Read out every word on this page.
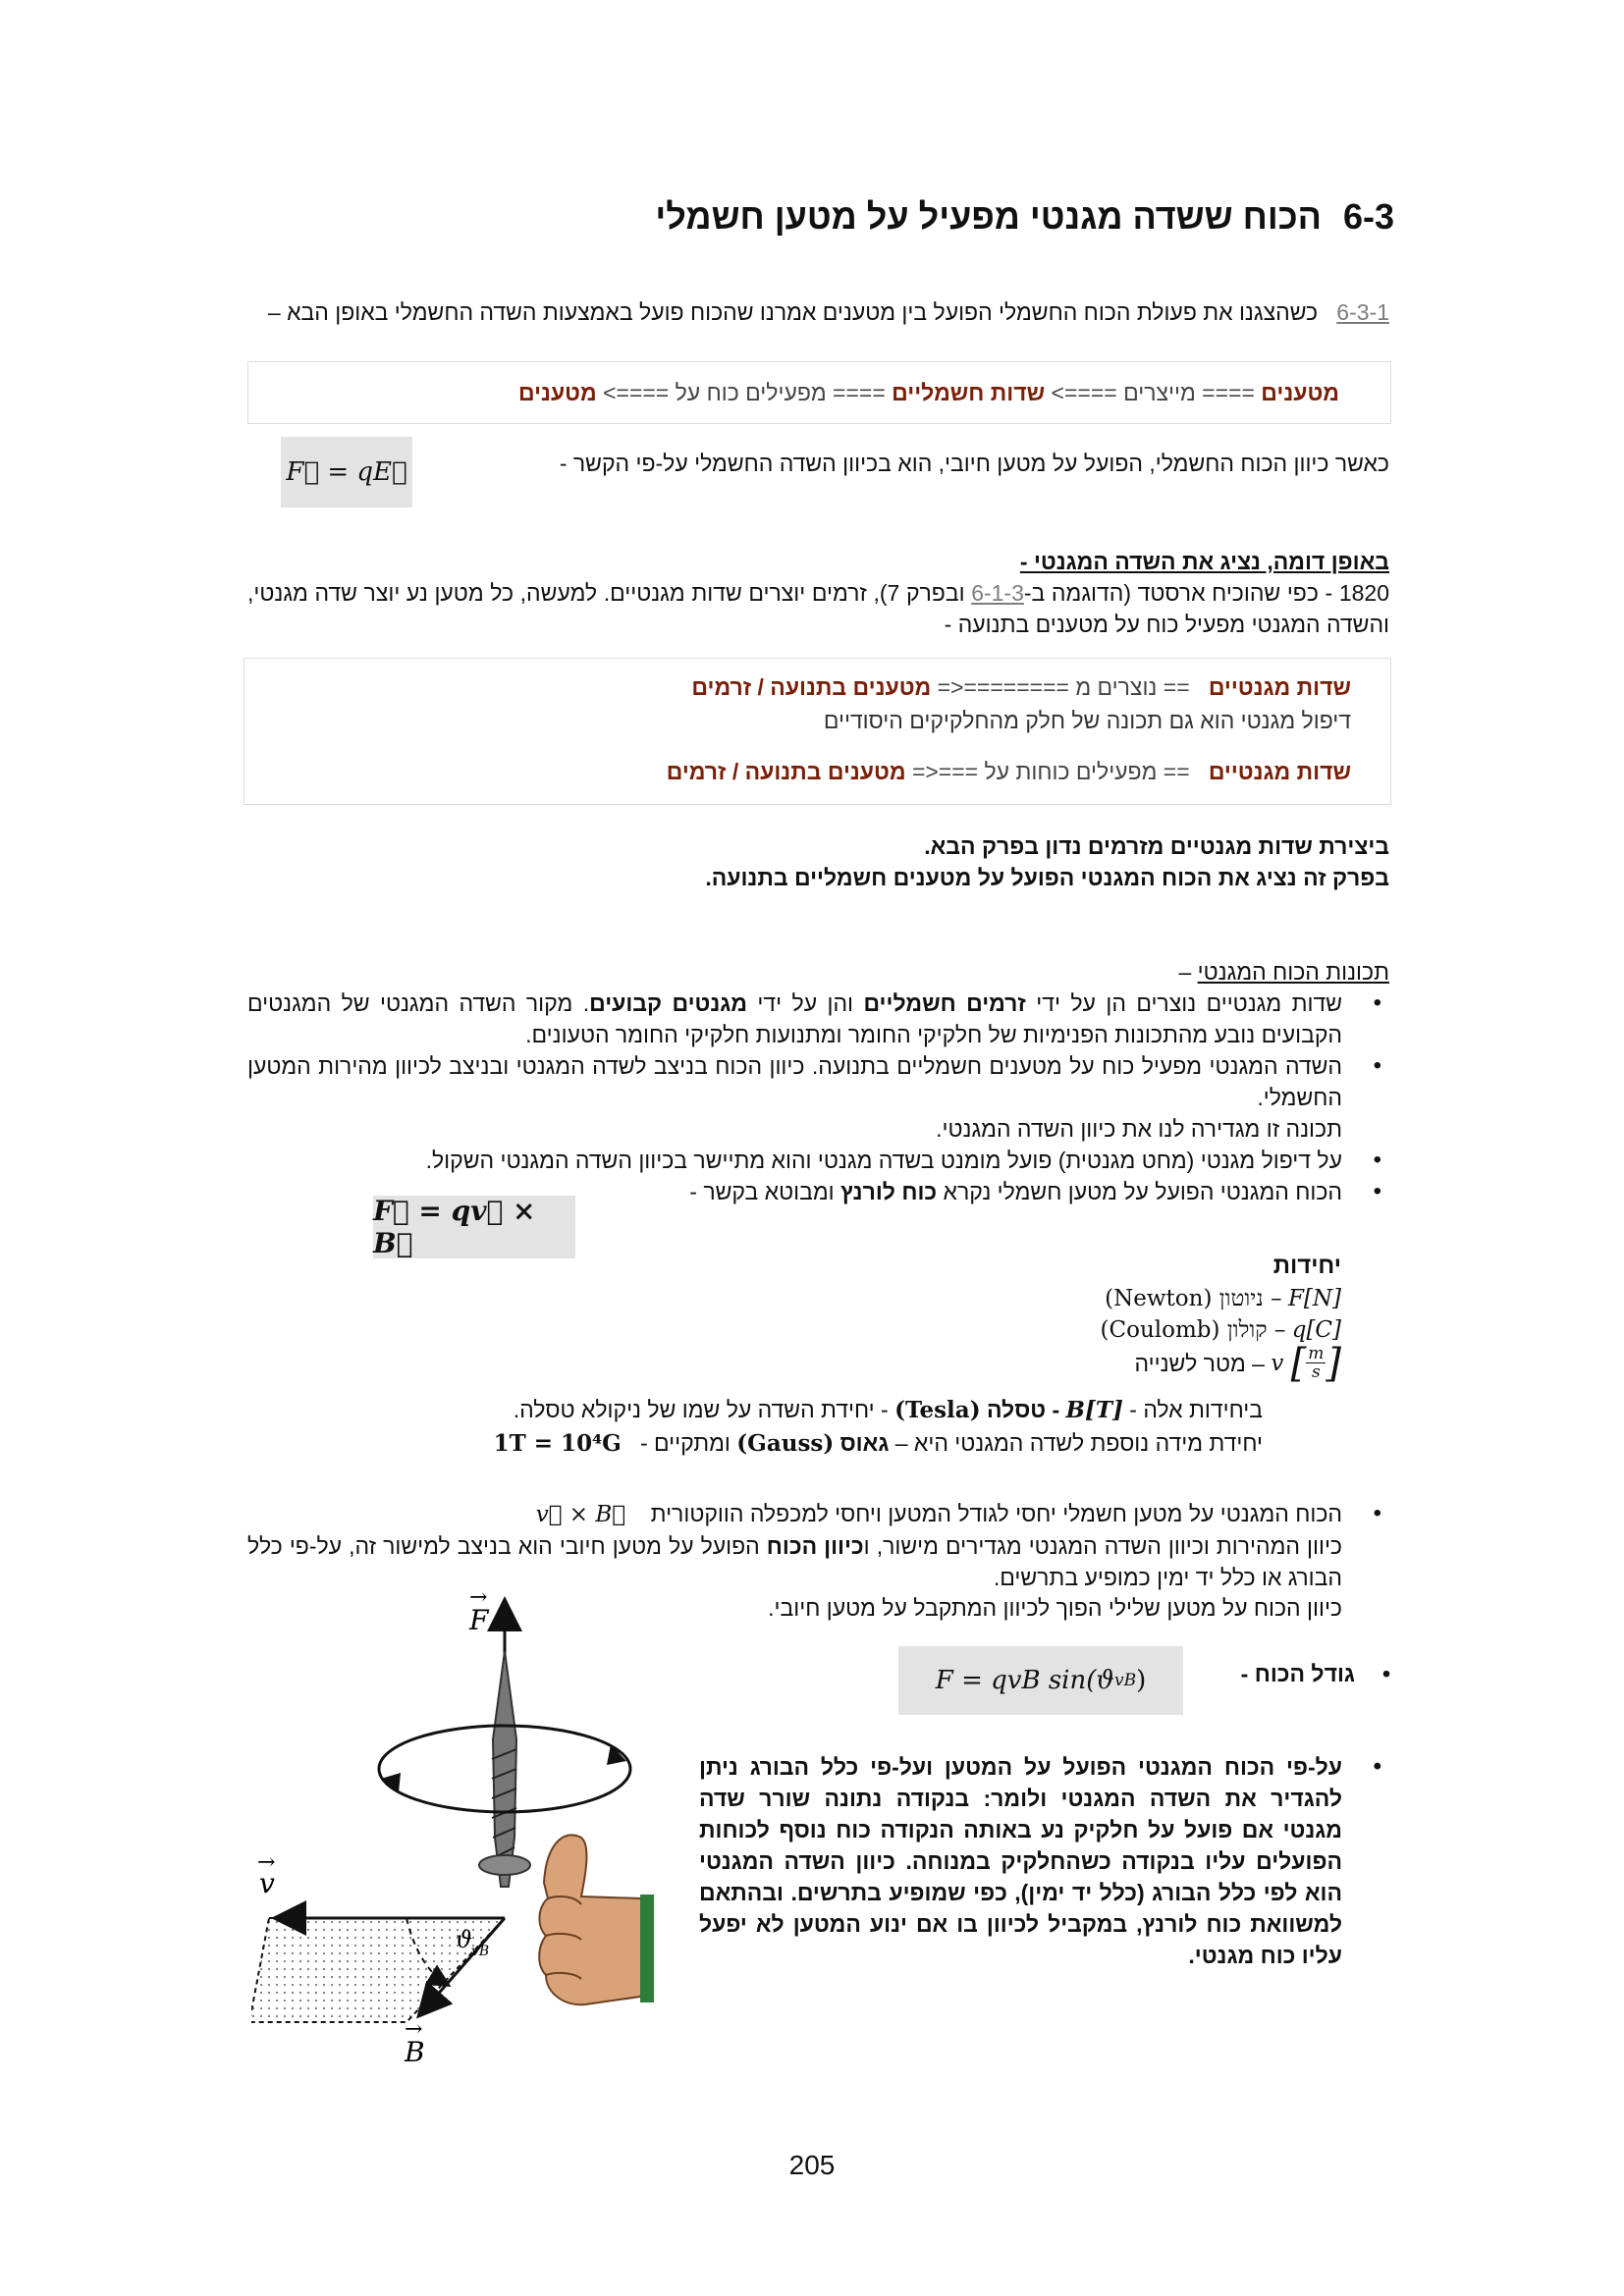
6-3הכוח ששדה מגנטי מפעיל על מטען חשמלי
6-3-1   כשהצגנו את פעולת הכוח החשמלי הפועל בין מטענים אמרנו שהכוח פועל באמצעות השדה החשמלי באופן הבא –
מטענים ==== מייצרים ====> שדות חשמליים ==== מפעילים כוח על ====> מטענים
כאשר כיוון הכוח החשמלי, הפועל על מטען חיובי, הוא בכיוון השדה החשמלי על-פי הקשר -
F⃗ = qE⃗
באופן דומה, נציג את השדה המגנטי -
1820 - כפי שהוכיח ארסטד (הדוגמה ב-6-1-3 ובפרק 7), זרמים יוצרים שדות מגנטיים. למעשה, כל מטען נע יוצר שדה מגנטי, והשדה המגנטי מפעיל כוח על מטענים בתנועה -
שדות מגנטיים   == נוצרים מ ========<= מטענים בתנועה / זרמים
דיפול מגנטי הוא גם תכונה של חלק מהחלקיקים היסודיים
שדות מגנטיים   == מפעילים כוחות על ===<= מטענים בתנועה / זרמים
ביצירת שדות מגנטיים מזרמים נדון בפרק הבא.
בפרק זה נציג את הכוח המגנטי הפועל על מטענים חשמליים בתנועה.
תכונות הכוח המגנטי –
• שדות מגנטיים נוצרים הן על ידי זרמים חשמליים והן על ידי מגנטים קבועים. מקור השדה המגנטי של המגנטים הקבועים נובע מהתכונות הפנימיות של חלקיקי החומר ומתנועות חלקיקי החומר הטעונים.
• השדה המגנטי מפעיל כוח על מטענים חשמליים בתנועה. כיוון הכוח בניצב לשדה המגנטי ובניצב לכיוון מהירות המטען החשמלי.
תכונה זו מגדירה לנו את כיוון השדה המגנטי.
• על דיפול מגנטי (מחט מגנטית) פועל מומנט בשדה מגנטי והוא מתיישר בכיוון השדה המגנטי השקול.
• הכוח המגנטי הפועל על מטען חשמלי נקרא כוח לורנץ ומבוטא בקשר -
F⃗ = qv⃗ × B⃗
יחידות
F[N] – ניוטון (Newton)
q[C] – קולון (Coulomb)
v
[ $\frac{m}{s}$ ]

– מטר לשנייה
ביחידות אלה - B[T] - טסלה (Tesla) - יחידת השדה על שמו של ניקולא טסלה.
יחידת מידה נוספת לשדה המגנטי היא – גאוס (Gauss) ומתקיים -   1T = 10⁴G
• הכוח המגנטי על מטען חשמלי יחסי לגודל המטען ויחסי למכפלה הווקטורית    v⃗ × B⃗
כיוון המהירות וכיוון השדה המגנטי מגדירים מישור, וכיוון הכוח הפועל על מטען חיובי הוא בניצב למישור זה, על-פי כלל הבורג או כלל יד ימין כמופיע בתרשים.
כיוון הכוח על מטען שלילי הפוך לכיוון המתקבל על מטען חיובי.
•גודל הכוח -
F = qvB sin(ϑ vB )
• על-פי הכוח המגנטי הפועל על המטען ועל-פי כלל הבורג ניתן להגדיר את השדה המגנטי ולומר: בנקודה נתונה שורר שדה מגנטי אם פועל על חלקיק נע באותה הנקודה כוח נוסף לכוחות הפועלים עליו בנקודה כשהחלקיק במנוחה. כיוון השדה המגנטי הוא לפי כלל הבורג (כלל יד ימין), כפי שמופיע בתרשים. ובהתאם למשוואת כוח לורנץ, במקביל לכיוון בו אם ינוע המטען לא יפעל עליו כוח מגנטי.
F
→
v
→
B
→
ϑ
vB
205
